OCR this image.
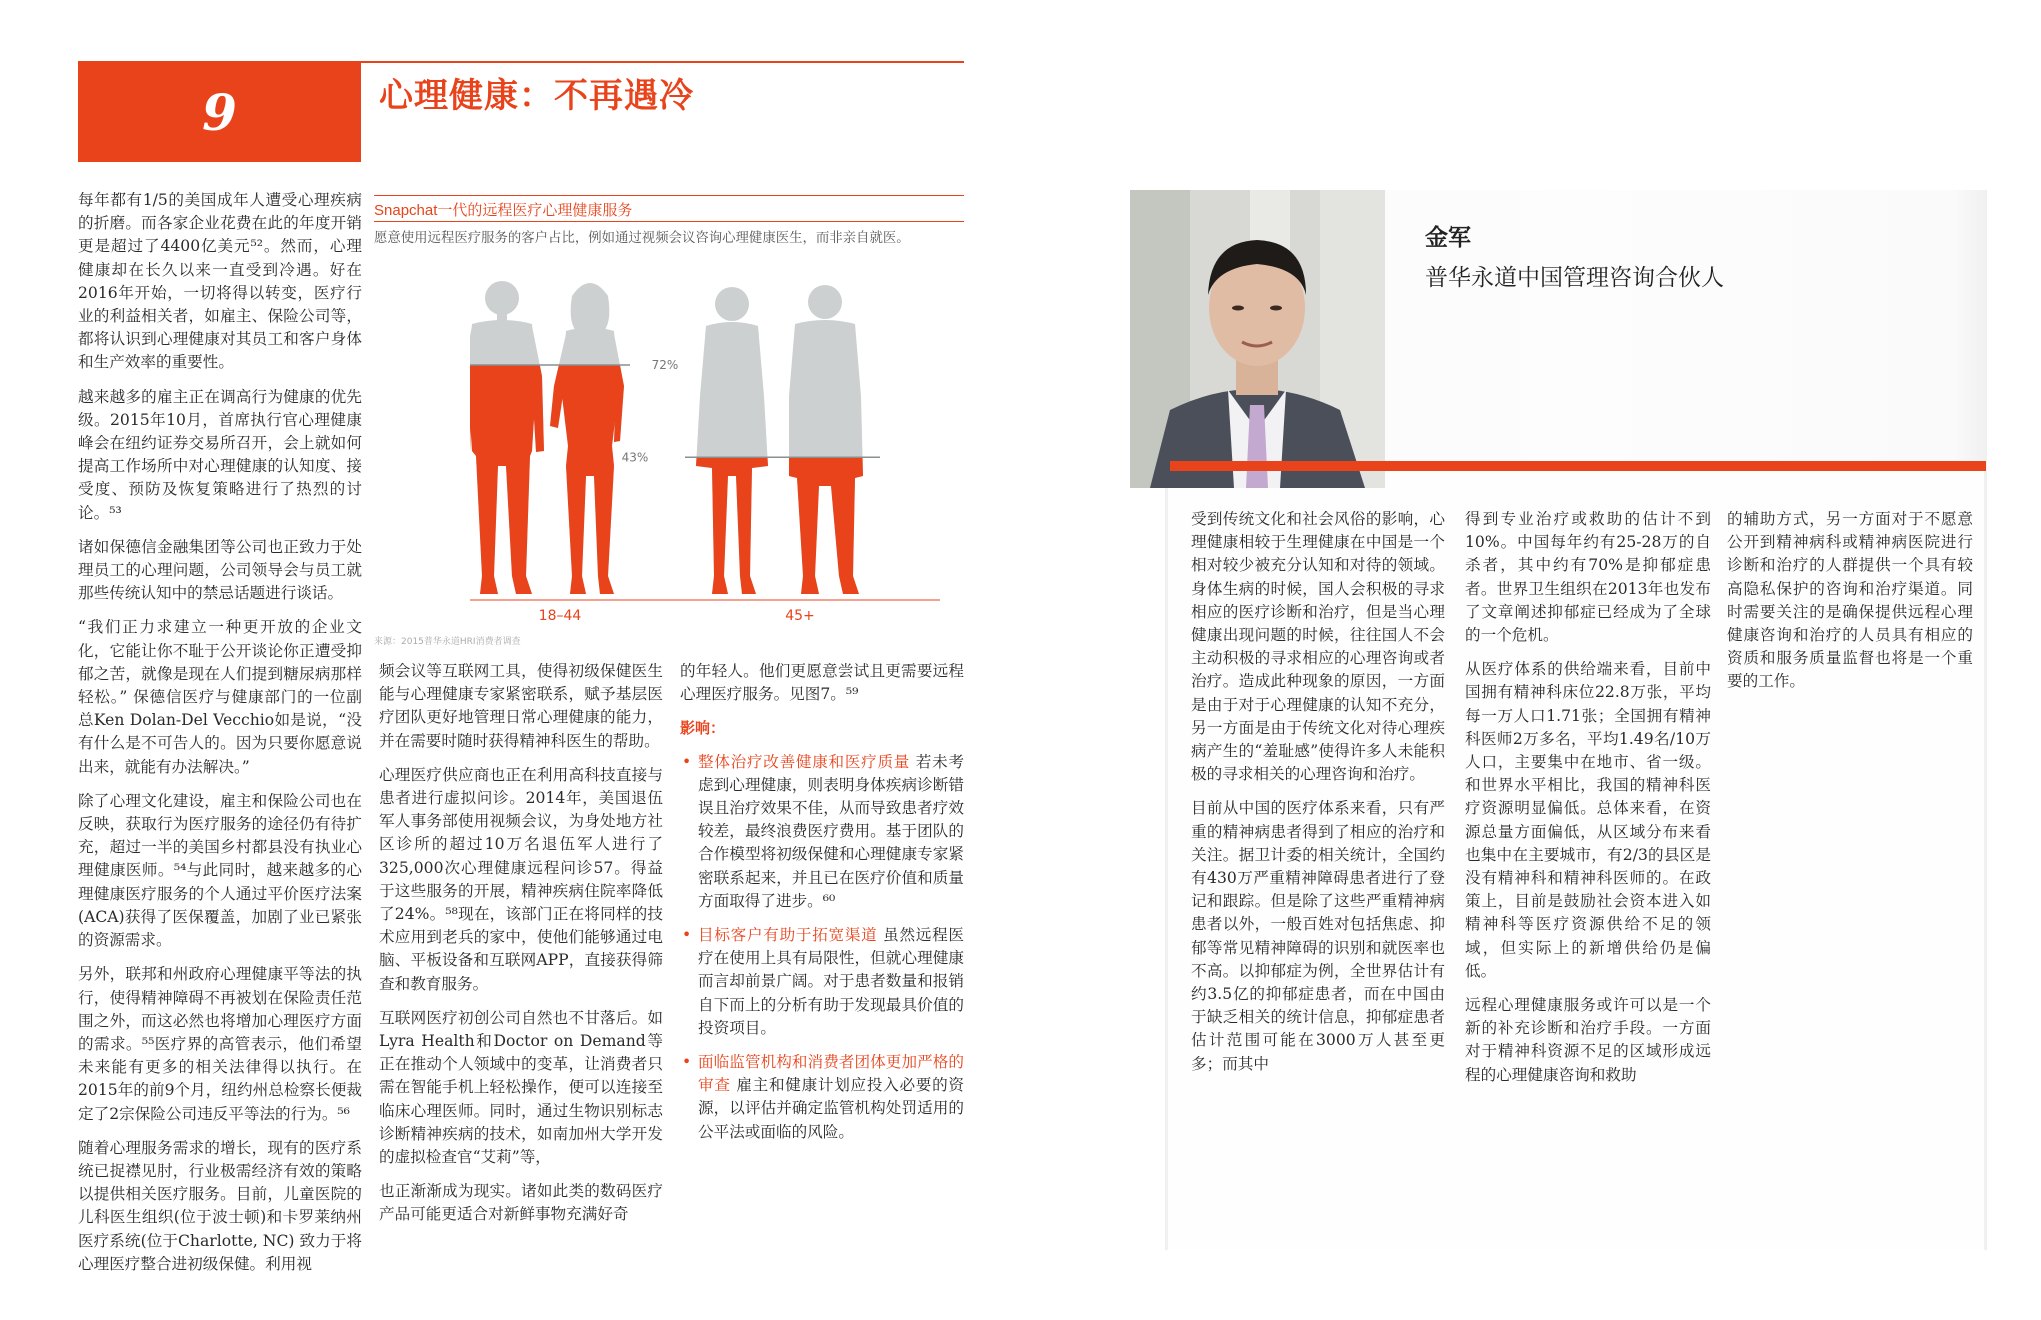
9	心理健康：不再遇冷

每年都有1/5的美国成年人遭受心理疾病的折磨。而各家企业花费在此的年度开销更是超过了4400亿美元⁵²。然而，心理健康却在长久以来一直受到冷遇。好在2016年开始，一切将得以转变，医疗行业的利益相关者，如雇主、保险公司等，都将认识到心理健康对其员工和客户身体和生产效率的重要性。

越来越多的雇主正在调高行为健康的优先级。2015年10月，首席执行官心理健康峰会在纽约证券交易所召开，会上就如何提高工作场所中对心理健康的认知度、接受度、预防及恢复策略进行了热烈的讨论。⁵³

诸如保德信金融集团等公司也正致力于处理员工的心理问题，公司领导会与员工就那些传统认知中的禁忌话题进行谈话。

“我们正力求建立一种更开放的企业文化，它能让你不耻于公开谈论你正遭受抑郁之苦，就像是现在人们提到糖尿病那样轻松。” 保德信医疗与健康部门的一位副总Ken Dolan-Del Vecchio如是说，“没有什么是不可告人的。因为只要你愿意说出来，就能有办法解决。”

除了心理文化建设，雇主和保险公司也在反映，获取行为医疗服务的途径仍有待扩充，超过一半的美国乡村都县没有执业心理健康医师。⁵⁴与此同时，越来越多的心理健康医疗服务的个人通过平价医疗法案(ACA)获得了医保覆盖，加剧了业已紧张的资源需求。

另外，联邦和州政府心理健康平等法的执行，使得精神障碍不再被划在保险责任范围之外，而这必然也将增加心理医疗方面的需求。⁵⁵医疗界的高管表示，他们希望未来能有更多的相关法律得以执行。在2015年的前9个月，纽约州总检察长便裁定了2宗保险公司违反平等法的行为。⁵⁶

随着心理服务需求的增长，现有的医疗系统已捉襟见肘，行业极需经济有效的策略以提供相关医疗服务。目前，儿童医院的儿科医生组织(位于波士顿)和卡罗莱纳州医疗系统(位于Charlotte, NC) 致力于将心理医疗整合进初级保健。利用视

Snapchat一代的远程医疗心理健康服务
愿意使用远程医疗服务的客户占比，例如通过视频会议咨询心理健康医生，而非亲自就医。
72%
18–44
43%
45+
来源：2015普华永道HRI消费者调查

频会议等互联网工具，使得初级保健医生能与心理健康专家紧密联系，赋予基层医疗团队更好地管理日常心理健康的能力，并在需要时随时获得精神科医生的帮助。

心理医疗供应商也正在利用高科技直接与患者进行虚拟问诊。2014年，美国退伍军人事务部使用视频会议，为身处地方社区诊所的超过10万名退伍军人进行了325,000次心理健康远程问诊57。得益于这些服务的开展，精神疾病住院率降低了24%。⁵⁸现在，该部门正在将同样的技术应用到老兵的家中，使他们能够通过电脑、平板设备和互联网APP，直接获得筛查和教育服务。

互联网医疗初创公司自然也不甘落后。如Lyra Health和Doctor on Demand等正在推动个人领域中的变革，让消费者只需在智能手机上轻松操作，便可以连接至临床心理医师。同时，通过生物识别标志诊断精神疾病的技术，如南加州大学开发的虚拟检查官“艾莉”等，

也正渐渐成为现实。诸如此类的数码医疗产品可能更适合对新鲜事物充满好奇

的年轻人。他们更愿意尝试且更需要远程心理医疗服务。见图7。⁵⁹

影响：
• 整体治疗改善健康和医疗质量 若未考虑到心理健康，则表明身体疾病诊断错误且治疗效果不佳，从而导致患者疗效较差，最终浪费医疗费用。基于团队的合作模型将初级保健和心理健康专家紧密联系起来，并且已在医疗价值和质量方面取得了进步。⁶⁰
• 目标客户有助于拓宽渠道 虽然远程医疗在使用上具有局限性，但就心理健康而言却前景广阔。对于患者数量和报销自下而上的分析有助于发现最具价值的投资项目。
• 面临监管机构和消费者团体更加严格的审查 雇主和健康计划应投入必要的资源，以评估并确定监管机构处罚适用的公平法或面临的风险。
金军
普华永道中国管理咨询合伙人

受到传统文化和社会风俗的影响，心理健康相较于生理健康在中国是一个相对较少被充分认知和对待的领域。身体生病的时候，国人会积极的寻求相应的医疗诊断和治疗，但是当心理健康出现问题的时候，往往国人不会主动积极的寻求相应的心理咨询或者治疗。造成此种现象的原因，一方面是由于对于心理健康的认知不充分，另一方面是由于传统文化对待心理疾病产生的“羞耻感”使得许多人未能积极的寻求相关的心理咨询和治疗。

目前从中国的医疗体系来看，只有严重的精神病患者得到了相应的治疗和关注。据卫计委的相关统计，全国约有430万严重精神障碍患者进行了登记和跟踪。但是除了这些严重精神病患者以外，一般百姓对包括焦虑、抑郁等常见精神障碍的识别和就医率也不高。以抑郁症为例，全世界估计有约3.5亿的抑郁症患者，而在中国由于缺乏相关的统计信息，抑郁症患者估计范围可能在3000万人甚至更多；而其中

得到专业治疗或救助的估计不到10%。中国每年约有25-28万的自杀者，其中约有70%是抑郁症患者。世界卫生组织在2013年也发布了文章阐述抑郁症已经成为了全球的一个危机。

从医疗体系的供给端来看，目前中国拥有精神科床位22.8万张，平均每一万人口1.71张；全国拥有精神科医师2万多名，平均1.49名/10万人口，主要集中在地市、省一级。和世界水平相比，我国的精神科医疗资源明显偏低。总体来看，在资源总量方面偏低，从区域分布来看也集中在主要城市，有2/3的县区是没有精神科和精神科医师的。在政策上，目前是鼓励社会资本进入如精神科等医疗资源供给不足的领域，但实际上的新增供给仍是偏低。

远程心理健康服务或许可以是一个新的补充诊断和治疗手段。一方面对于精神科资源不足的区域形成远程的心理健康咨询和救助

的辅助方式，另一方面对于不愿意公开到精神病科或精神病医院进行诊断和治疗的人群提供一个具有较高隐私保护的咨询和治疗渠道。同时需要关注的是确保提供远程心理健康咨询和治疗的人员具有相应的资质和服务质量监督也将是一个重要的工作。
